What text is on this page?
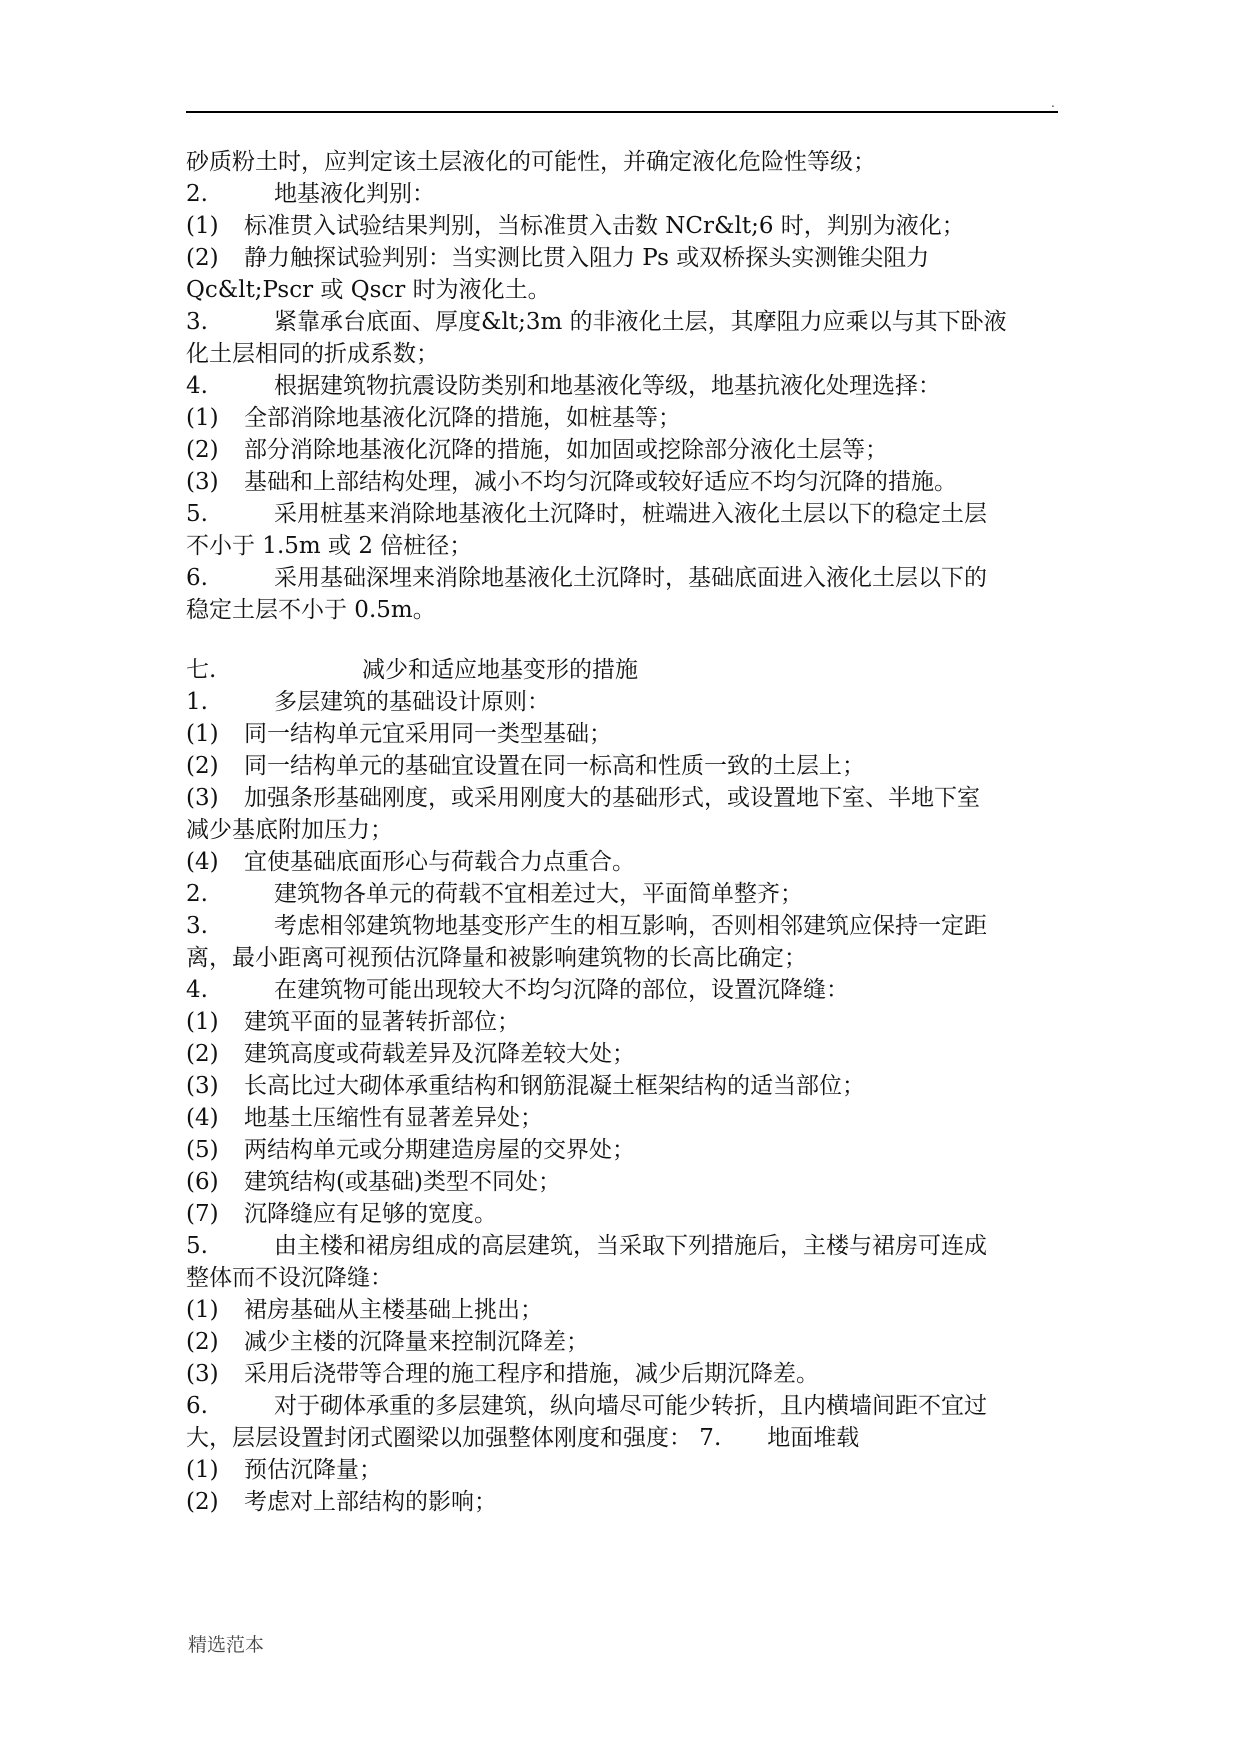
.
砂质粉土时，应判定该土层液化的可能性，并确定液化危险性等级；
2.	地基液化判别：
(1) 标准贯入试验结果判别，当标准贯入击数 NCr&lt;6 时，判别为液化；
(2) 静力触探试验判别：当实测比贯入阻力 Ps 或双桥探头实测锥尖阻力
Qc&lt;Pscr 或 Qscr 时为液化土。
3.	紧靠承台底面、厚度&lt;3m 的非液化土层，其摩阻力应乘以与其下卧液
化土层相同的折成系数；
4.	根据建筑物抗震设防类别和地基液化等级，地基抗液化处理选择：
(1) 全部消除地基液化沉降的措施，如桩基等；
(2) 部分消除地基液化沉降的措施，如加固或挖除部分液化土层等；
(3) 基础和上部结构处理，减小不均匀沉降或较好适应不均匀沉降的措施。
5.	采用桩基来消除地基液化土沉降时，桩端进入液化土层以下的稳定土层
不小于 1.5m 或 2 倍桩径；
6.	采用基础深埋来消除地基液化土沉降时，基础底面进入液化土层以下的
稳定土层不小于 0.5m。
七.	减少和适应地基变形的措施
1.	多层建筑的基础设计原则：
(1) 同一结构单元宜采用同一类型基础；
(2) 同一结构单元的基础宜设置在同一标高和性质一致的土层上；
(3) 加强条形基础刚度，或采用刚度大的基础形式，或设置地下室、半地下室
减少基底附加压力；
(4) 宜使基础底面形心与荷载合力点重合。
2.	建筑物各单元的荷载不宜相差过大，平面简单整齐；
3.	考虑相邻建筑物地基变形产生的相互影响，否则相邻建筑应保持一定距
离，最小距离可视预估沉降量和被影响建筑物的长高比确定；
4.	在建筑物可能出现较大不均匀沉降的部位，设置沉降缝：
(1) 建筑平面的显著转折部位；
(2) 建筑高度或荷载差异及沉降差较大处；
(3) 长高比过大砌体承重结构和钢筋混凝土框架结构的适当部位；
(4) 地基土压缩性有显著差异处；
(5) 两结构单元或分期建造房屋的交界处；
(6) 建筑结构(或基础)类型不同处；
(7) 沉降缝应有足够的宽度。
5.	由主楼和裙房组成的高层建筑，当采取下列措施后，主楼与裙房可连成
整体而不设沉降缝：
(1) 裙房基础从主楼基础上挑出；
(2) 减少主楼的沉降量来控制沉降差；
(3) 采用后浇带等合理的施工程序和措施，减少后期沉降差。
6.	对于砌体承重的多层建筑，纵向墙尽可能少转折，且内横墙间距不宜过
大，层层设置封闭式圈梁以加强整体刚度和强度： 7.　　地面堆载
(1) 预估沉降量；
(2) 考虑对上部结构的影响；
精选范本
